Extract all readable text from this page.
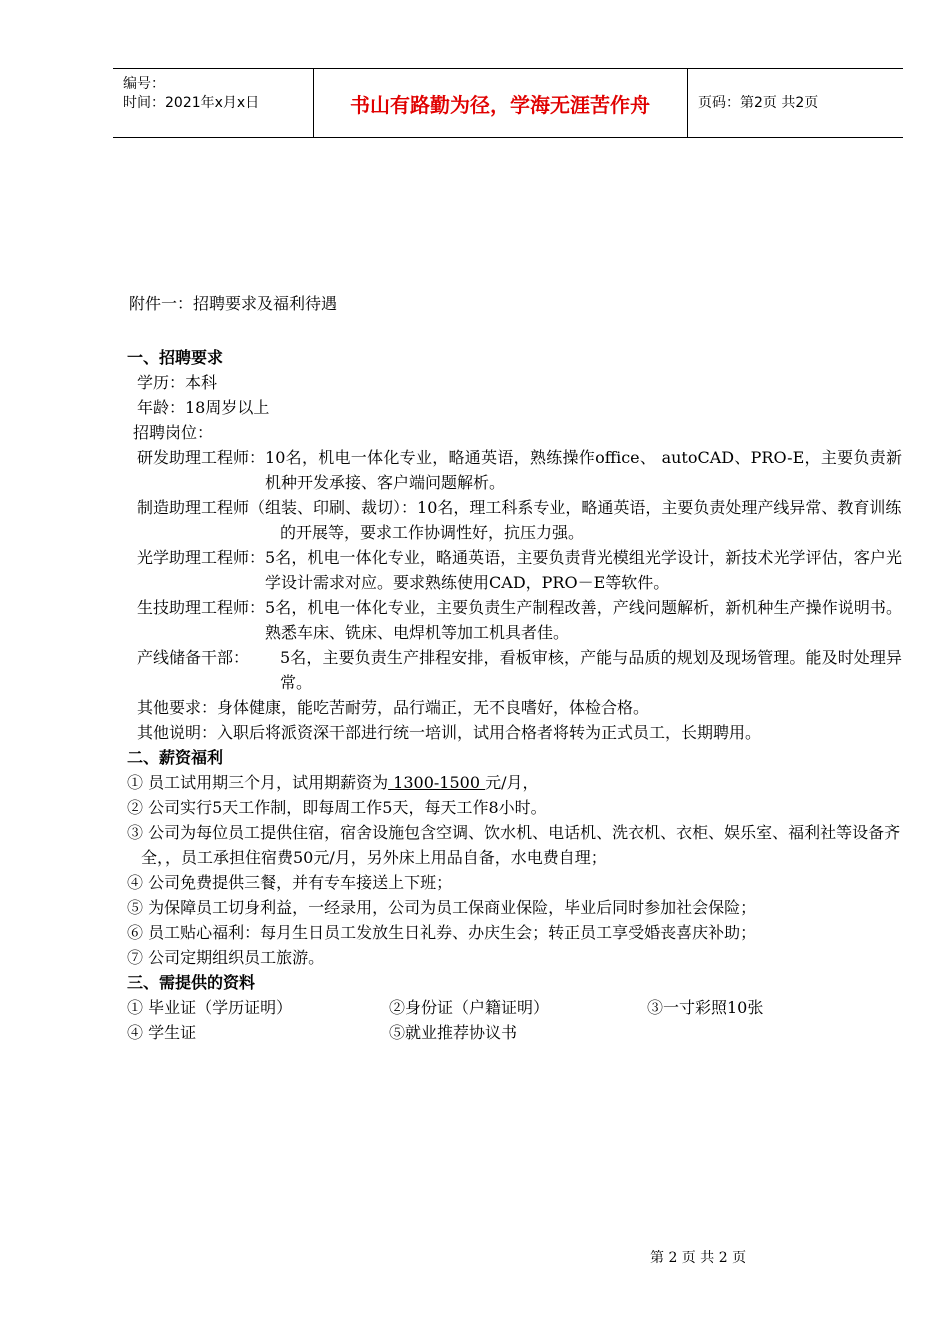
编号：
时间：2021年x月x日	书山有路勤为径，学海无涯苦作舟	页码：第2页 共2页
附件一：招聘要求及福利待遇
一、招聘要求
学历：本科
年龄：18周岁以上
招聘岗位：
研发助理工程师： 10名，机电一体化专业，略通英语，熟练操作office、 autoCAD、PRO-E，主要负责新机种开发承接、客户端问题解析。
制造助理工程师（组装、印刷、裁切）：10名，理工科系专业，略通英语，主要负责处理产线异常、教育训练的开展等，要求工作协调性好，抗压力强。
光学助理工程师： 5名，机电一体化专业，略通英语，主要负责背光模组光学设计，新技术光学评估，客户光学设计需求对应。要求熟练使用CAD，PRO－E等软件。
生技助理工程师： 5名，机电一体化专业，主要负责生产制程改善，产线问题解析，新机种生产操作说明书。熟悉车床、铣床、电焊机等加工机具者佳。
产线储备干部：	5名，主要负责生产排程安排，看板审核，产能与品质的规划及现场管理。能及时处理异常。
其他要求：身体健康，能吃苦耐劳，品行端正，无不良嗜好，体检合格。
其他说明：入职后将派资深干部进行统一培训，试用合格者将转为正式员工，长期聘用。
二、薪资福利
① 员工试用期三个月，试用期薪资为 1300-1500 元/月，
② 公司实行5天工作制，即每周工作5天，每天工作8小时。
③ 公司为每位员工提供住宿，宿舍设施包含空调、饮水机、电话机、洗衣机、衣柜、娱乐室、福利社等设备齐全，，员工承担住宿费50元/月，另外床上用品自备，水电费自理；
④ 公司免费提供三餐，并有专车接送上下班；
⑤ 为保障员工切身利益，一经录用，公司为员工保商业保险，毕业后同时参加社会保险；
⑥ 员工贴心福利：每月生日员工发放生日礼券、办庆生会；转正员工享受婚丧喜庆补助；
⑦ 公司定期组织员工旅游。
三、需提供的资料
① 毕业证（学历证明）	②身份证（户籍证明）	③一寸彩照10张
④ 学生证	⑤就业推荐协议书
第 2 页 共 2 页
